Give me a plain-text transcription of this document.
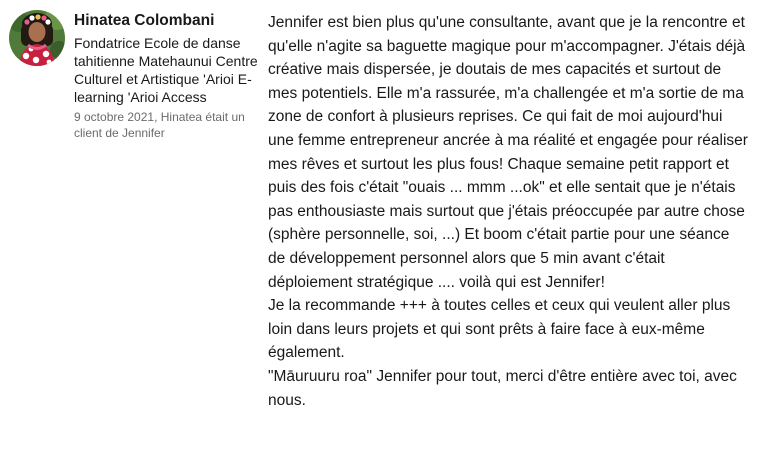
Hinatea Colombani
Fondatrice Ecole de danse tahitienne Matehaunui Centre Culturel et Artistique 'Arioi E-learning 'Arioi Access
9 octobre 2021, Hinatea était un client de Jennifer

Jennifer est bien plus qu'une consultante, avant que je la rencontre et qu'elle n'agite sa baguette magique pour m'accompagner. J'étais déjà créative mais dispersée, je doutais de mes capacités et surtout de mes potentiels. Elle m'a rassurée, m'a challengée et m'a sortie de ma zone de confort à plusieurs reprises. Ce qui fait de moi aujourd'hui une femme entrepreneur ancrée à ma réalité et engagée pour réaliser mes rêves et surtout les plus fous! Chaque semaine petit rapport et puis des fois c'était "ouais ... mmm ...ok" et elle sentait que je n'étais pas enthousiaste mais surtout que j'étais préoccupée par autre chose (sphère personnelle, soi, ...) Et boom c'était partie pour une séance de développement personnel alors que 5 min avant c'était déploiement stratégique .... voilà qui est Jennifer!

Je la recommande +++ à toutes celles et ceux qui veulent aller plus loin dans leurs projets et qui sont prêts à faire face à eux-même également.

"Māuruuru roa" Jennifer pour tout, merci d'être entière avec toi, avec nous.
